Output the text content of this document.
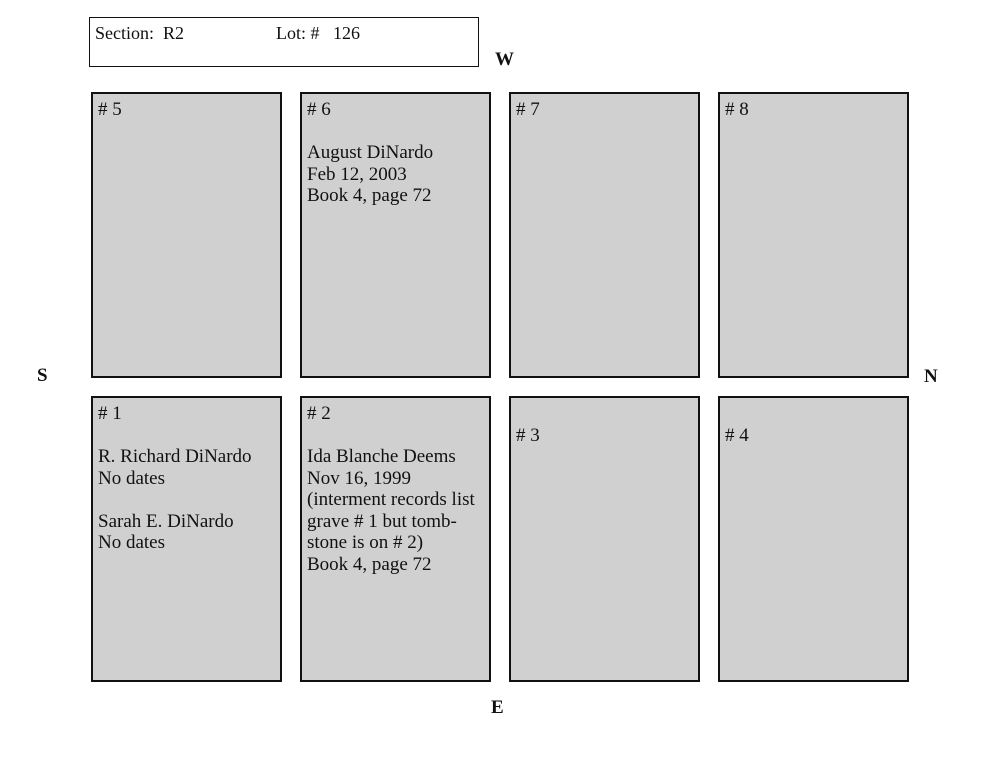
Section: R2	Lot: # 126
W
E
S	N
# 5	# 6
August DiNardo
Feb 12, 2003
Book 4, page 72
# 7	# 8
# 1
R. Richard DiNardo
No dates
Sarah E. DiNardo
No dates
# 2
Ida Blanche Deems
Nov 16, 1999
(interment records list
grave # 1 but tomb-
stone is on # 2)
Book 4, page 72
# 3	# 4
